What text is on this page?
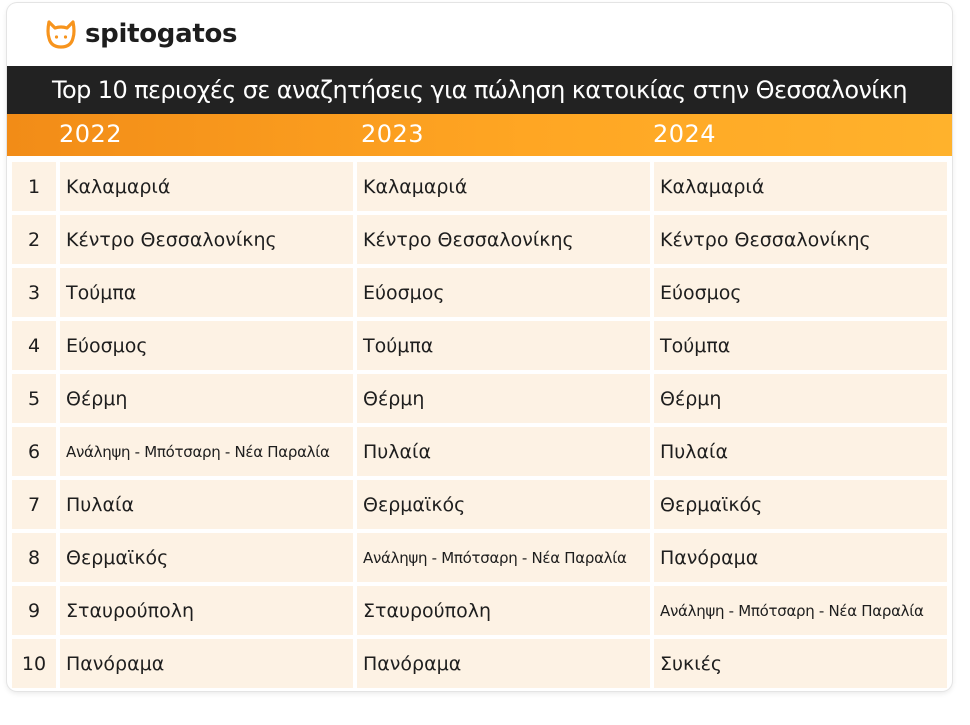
spitogatos
Top 10 περιοχές σε αναζητήσεις για πώληση κατοικίας στην Θεσσαλονίκη
2022	2023	2024
1	Καλαμαριά	Καλαμαριά	Καλαμαριά
2	Κέντρο Θεσσαλονίκης	Κέντρο Θεσσαλονίκης	Κέντρο Θεσσαλονίκης
3	Τούμπα	Εύοσμος	Εύοσμος
4	Εύοσμος	Τούμπα	Τούμπα
5	Θέρμη	Θέρμη	Θέρμη
6	Ανάληψη - Μπότσαρη - Νέα Παραλία	Πυλαία	Πυλαία
7	Πυλαία	Θερμαϊκός	Θερμαϊκός
8	Θερμαϊκός	Ανάληψη - Μπότσαρη - Νέα Παραλία	Πανόραμα
9	Σταυρούπολη	Σταυρούπολη	Ανάληψη - Μπότσαρη - Νέα Παραλία
10	Πανόραμα	Πανόραμα	Συκιές
